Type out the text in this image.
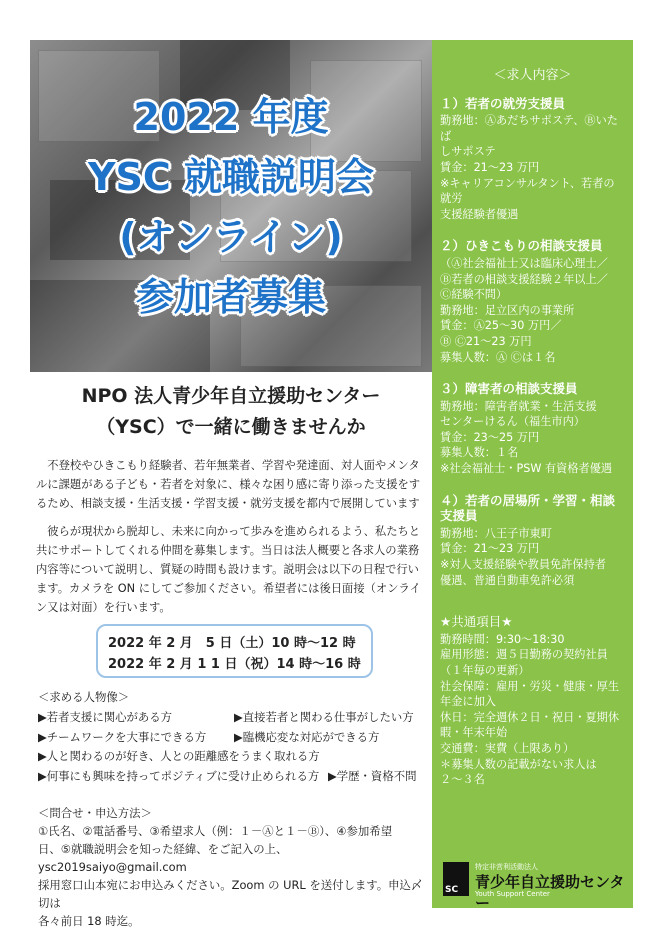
2022 年度
YSC 就職説明会
(オンライン)
参加者募集
NPO 法人青少年自立援助センター
（YSC）で一緒に働きませんか

不登校やひきこもり経験者、若年無業者、学習や発達面、対人面やメンタルに課題がある子ども・若者を対象に、様々な困り感に寄り添った支援をするため、相談支援・生活支援・学習支援・就労支援を都内で展開しています

彼らが現状から脱却し、未来に向かって歩みを進められるよう、私たちと共にサポートしてくれる仲間を募集します。当日は法人概要と各求人の業務内容等について説明し、質疑の時間も設けます。説明会は以下の日程で行います。カメラを ON にしてご参加ください。希望者には後日面接（オンライン又は対面）を行います。

2022 年 2 月　5 日（土）10 時〜12 時
2022 年 2 月 1 1 日（祝）14 時〜16 時
＜求める人物像＞
▶若者支援に関心がある方	▶直接若者と関わる仕事がしたい方
▶チームワークを大事にできる方 ▶臨機応変な対応ができる方
▶人と関わるのが好き、人との距離感をうまく取れる方
▶何事にも興味を持ってポジティブに受け止められる方 ▶学歴・資格不問
＜問合せ・申込方法＞
①氏名、②電話番号、③希望求人（例：１－Ⓐと１－Ⓑ）、④参加希望
日、⑤就職説明会を知った経緯、をご記入の上、ysc2019saiyo@gmail.com
採用窓口山本宛にお申込みください。Zoom の URL を送付します。申込〆切は
各々前日 18 時迄。
＜求人内容＞
１）若者の就労支援員
勤務地：Ⓐあだちサポステ、Ⓑいたば
しサポステ
賃金：21〜23 万円
※キャリアコンサルタント、若者の就労
支援経験者優遇
２）ひきこもりの相談支援員
（Ⓐ社会福祉士又は臨床心理士／
Ⓑ若者の相談支援経験２年以上／
Ⓒ経験不問）
勤務地：足立区内の事業所
賃金：Ⓐ25〜30 万円／
Ⓑ Ⓒ21〜23 万円
募集人数：Ⓐ Ⓒは１名
３）障害者の相談支援員
勤務地：障害者就業・生活支援
センターけるん（福生市内）
賃金：23〜25 万円
募集人数：１名
※社会福祉士・PSW 有資格者優遇
４）若者の居場所・学習・相談
支援員
勤務地：八王子市東町
賃金：21〜23 万円
※対人支援経験や教員免許保持者
優遇、普通自動車免許必須
★共通項目★
勤務時間：9:30〜18:30
雇用形態：週５日勤務の契約社員
（１年毎の更新）
社会保障：雇用・労災・健康・厚生
年金に加入
休日：完全週休２日・祝日・夏期休
暇・年末年始
交通費：実費（上限あり）
＊募集人数の記載がない求人は
２〜３名
SC
特定非営利活動法人
青少年自立援助センター
Youth Support Center
